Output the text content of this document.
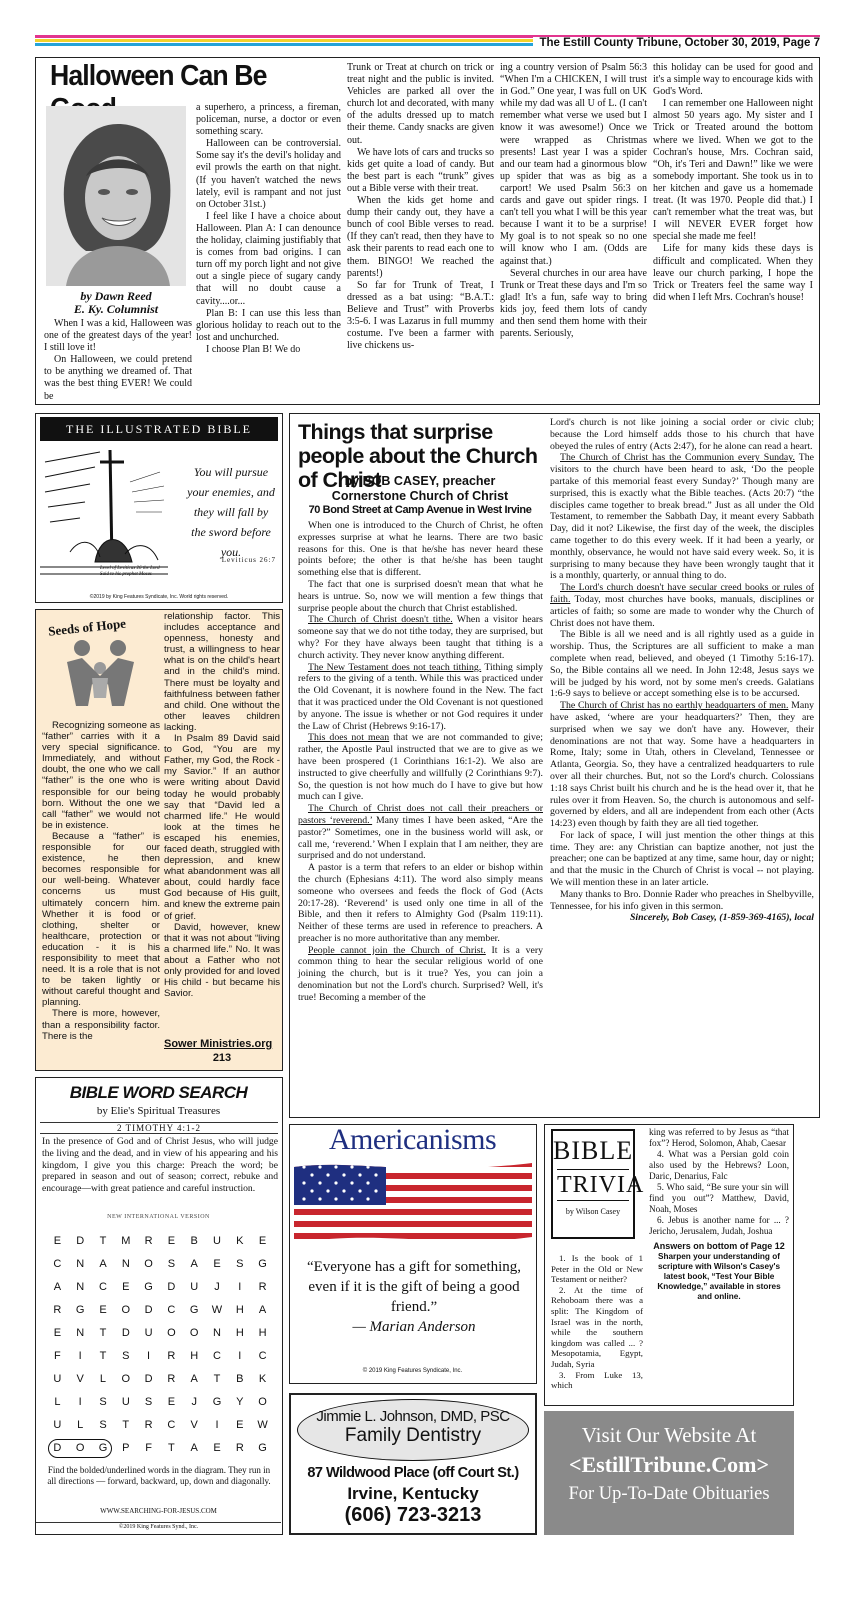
The Estill County Tribune, October 30, 2019, Page 7
Halloween Can Be
by Dawn Reed
E. Ky. Columnist

When I was a kid, Halloween was one of the greatest days of the year! I still love it!

On Halloween, we could pretend to be anything we dreamed of. That was the best thing EVER! We could be

a superhero, a princess, a fireman, policeman, nurse, a doctor or even something scary.

Halloween can be controversial. Some say it's the devil's holiday and evil prowls the earth on that night. (If you haven't watched the news lately, evil is rampant and not just on October 31st.)

I feel like I have a choice about Halloween. Plan A: I can denounce the holiday, claiming justifiably that is comes from bad origins. I can turn off my porch light and not give out a single piece of sugary candy that will no doubt cause a cavity....or...

Plan B: I can use this less than glorious holiday to reach out to the lost and unchurched.

I choose Plan B! We do

Trunk or Treat at church on trick or treat night and the public is invited. Vehicles are parked all over the church lot and decorated, with many of the adults dressed up to match their theme. Candy snacks are given out.

We have lots of cars and trucks so kids get quite a load of candy. But the best part is each “trunk” gives out a Bible verse with their treat.

When the kids get home and dump their candy out, they have a bunch of cool Bible verses to read. (If they can't read, then they have to ask their parents to read each one to them. BINGO! We reached the parents!)

So far for Trunk of Treat, I dressed as a bat using: “B.A.T.: Believe and Trust” with Proverbs 3:5-6. I was Lazarus in full mummy costume. I've been a farmer with live chickens us-

ing a country version of Psalm 56:3 “When I'm a CHICKEN, I will trust in God.” One year, I was full on UK while my dad was all U of L. (I can't remember what verse we used but I know it was awesome!) Once we were wrapped as Christmas presents! Last year I was a spider and our team had a ginormous blow up spider that was as big as a carport! We used Psalm 56:3 on cards and gave out spider rings. I can't tell you what I will be this year because I want it to be a surprise! My goal is to not speak so no one will know who I am. (Odds are against that.)

Several churches in our area have Trunk or Treat these days and I'm so glad! It's a fun, safe way to bring kids joy, feed them lots of candy and then send them home with their parents. Seriously,

this holiday can be used for good and it's a simple way to encourage kids with God's Word.

I can remember one Halloween night almost 50 years ago. My sister and I Trick or Treated around the bottom where we lived. When we got to the Cochran's house, Mrs. Cochran said, “Oh, it's Teri and Dawn!” like we were somebody important. She took us in to her kitchen and gave us a homemade treat. (It was 1970. People did that.) I can't remember what the treat was, but I will NEVER EVER forget how special she made me feel!

Life for many kids these days is difficult and complicated. When they leave our church parking, I hope the Trick or Treaters feel the same way I did when I left Mrs. Cochran's house!

THE ILLUSTRATED BIBLE
Level of Leviticus 26 the Lord Said to his prophet Moses
You will pursue your enemies, and they will fall by the sword before you.
Leviticus 26:7
©2019 by King Features Syndicate, Inc. World rights reserved.
Seeds of Hope

Recognizing someone as “father” carries with it a very special significance. Immediately, and without doubt, the one who we call “father” is the one who is responsible for our being born. Without the one we call “father” we would not be in existence.

Because a “father” is responsible for our existence, he then becomes responsible for our well-being. Whatever concerns us must ultimately concern him. Whether it is food or clothing, shelter or healthcare, protection or education - it is his responsibility to meet that need. It is a role that is not to be taken lightly or without careful thought and planning.

There is more, however, than a responsibility factor. There is the

relationship factor. This includes acceptance and openness, honesty and trust, a willingness to hear what is on the child's heart and in the child's mind. There must be loyalty and faithfulness between father and child. One without the other leaves children lacking.

In Psalm 89 David said to God, “You are my Father, my God, the Rock - my Savior.” If an author were writing about David today he would probably say that “David led a charmed life.” He would look at the times he escaped his enemies, faced death, struggled with depression, and knew what abandonment was all about, could hardly face God because of His guilt, and knew the extreme pain of grief.

David, however, knew that it was not about “living a charmed life.” No. It was about a Father who not only provided for and loved His child - but became his Savior.

Sower Ministries.org
213
Things that surprise people about the Church of Christ
by BOB CASEY, preacher
Cornerstone Church of Christ
70 Bond Street at Camp Avenue in West Irvine

When one is introduced to the Church of Christ, he often expresses surprise at what he learns. There are two basic reasons for this. One is that he/she has never heard these points before; the other is that he/she has been taught something else that is different.

The fact that one is surprised doesn't mean that what he hears is untrue. So, now we will mention a few things that surprise people about the church that Christ established.

The Church of Christ doesn't tithe. When a visitor hears someone say that we do not tithe today, they are surprised, but why? For they have always been taught that tithing is a church activity. They never know anything different.

The New Testament does not teach tithing. Tithing simply refers to the giving of a tenth. While this was practiced under the Old Covenant, it is nowhere found in the New. The fact that it was practiced under the Old Covenant is not questioned by anyone. The issue is whether or not God requires it under the Law of Christ (Hebrews 9:16-17).

This does not mean that we are not commanded to give; rather, the Apostle Paul instructed that we are to give as we have been prospered (1 Corinthians 16:1-2). We also are instructed to give cheerfully and willfully (2 Corinthians 9:7). So, the question is not how much do I have to give but how much can I give.

The Church of Christ does not call their preachers or pastors ‘reverend.’ Many times I have been asked, “Are the pastor?” Sometimes, one in the business world will ask, or call me, ‘reverend.’ When I explain that I am neither, they are surprised and do not understand.

A pastor is a term that refers to an elder or bishop within the church (Ephesians 4:11). The word also simply means someone who oversees and feeds the flock of God (Acts 20:17-28). ‘Reverend’ is used only one time in all of the Bible, and then it refers to Almighty God (Psalm 119:11). Neither of these terms are used in reference to preachers. A preacher is no more authoritative than any member.

People cannot join the Church of Christ. It is a very common thing to hear the secular religious world of one joining the church, but is it true? Yes, you can join a denomination but not the Lord's church. Surprised? Well, it's true! Becoming a member of the

Lord's church is not like joining a social order or civic club; because the Lord himself adds those to his church that have obeyed the rules of entry (Acts 2:47), for he alone can read a heart.

The Church of Christ has the Communion every Sunday. The visitors to the church have been heard to ask, ‘Do the people partake of this memorial feast every Sunday?’ Though many are surprised, this is exactly what the Bible teaches. (Acts 20:7) “the disciples came together to break bread.” Just as all under the Old Testament, to remember the Sabbath Day, it meant every Sabbath Day, did it not? Likewise, the first day of the week, the disciples came together to do this every week. If it had been a yearly, or monthly, observance, he would not have said every week. So, it is surprising to many because they have been wrongly taught that it is a monthly, quarterly, or annual thing to do.

The Lord's church doesn't have secular creed books or rules of faith. Today, most churches have books, manuals, disciplines or articles of faith; so some are made to wonder why the Church of Christ does not have them.

The Bible is all we need and is all rightly used as a guide in worship. Thus, the Scriptures are all sufficient to make a man complete when read, believed, and obeyed (1 Timothy 5:16-17). So, the Bible contains all we need. In John 12:48, Jesus says we will be judged by his word, not by some men's creeds. Galatians 1:6-9 says to believe or accept something else is to be accursed.

The Church of Christ has no earthly headquarters of men. Many have asked, ‘where are your headquarters?’ Then, they are surprised when we say we don't have any. However, their denominations are not that way. Some have a headquarters in Rome, Italy; some in Utah, others in Cleveland, Tennessee or Atlanta, Georgia. So, they have a centralized headquarters to rule over all their churches. But, not so the Lord's church. Colossians 1:18 says Christ built his church and he is the head over it, that he rules over it from Heaven. So, the church is autonomous and self-governed by elders, and all are independent from each other (Acts 14:23) even though by faith they are all tied together.

For lack of space, I will just mention the other things at this time. They are: any Christian can baptize another, not just the preacher; one can be baptized at any time, same hour, day or night; and that the music in the Church of Christ is vocal -- not playing. We will mention these in an later article.

Many thanks to Bro. Donnie Rader who preaches in Shelbyville, Tennessee, for his info given in this sermon.

Sincerely, Bob Casey, (1-859-369-4165), local

BIBLE WORD SEARCH
by Elie's Spiritual Treasures
2 TIMOTHY 4:1-2
In the presence of God and of Christ Jesus, who will judge the living and the dead, and in view of his appearing and his kingdom, I give you this charge: Preach the word; be prepared in season and out of season; correct, rebuke and encourage—with great patience and careful instruction.
NEW INTERNATIONAL VERSION
E	D	T	M	R	E	B	U	K	E
C	N	A	N	O	S	A	E	S	G
A	N	C	E	G	D	U	J	I	R
R	G	E	O	D	C	G	W	H	A
E	N	T	D	U	O	O	N	H	H
F	I	T	S	I	R	H	C	I	C
U	V	L	O	D	R	A	T	B	K
L	I	S	U	S	E	J	G	Y	O
U	L	S	T	R	C	V	I	E	W
D	O	G	P	F	T	A	E	R	G
Find the bolded/underlined words in the diagram. They run in all directions — forward, backward, up, down and diagonally.
WWW.SEARCHING-FOR-JESUS.COM
©2019 King Features Synd., Inc.
Americanisms
“Everyone has a gift for something, even if it is the gift of being a good friend.”
— Marian Anderson
© 2019 King Features Syndicate, Inc.
BIBLE
TRIVIA
by Wilson Casey

1. Is the book of 1 Peter in the Old or New Testament or neither?

2. At the time of Rehoboam there was a split: The Kingdom of Israel was in the north, while the southern kingdom was called ... ? Mesopotamia, Egypt, Judah, Syria

3. From Luke 13, which

king was referred to by Jesus as “that fox”? Herod, Solomon, Ahab, Caesar

4. What was a Persian gold coin also used by the Hebrews? Loon, Daric, Denarius, Falc

5. Who said, “Be sure your sin will find you out”? Matthew, David, Noah, Moses

6. Jebus is another name for ... ? Jericho, Jerusalem, Judah, Joshua

Answers on bottom of Page 12

Sharpen your understanding of scripture with Wilson's Casey's latest book, “Test Your Bible Knowledge,” available in stores and online.

Jimmie L. Johnson, DMD, PSC
Family Dentistry
87 Wildwood Place (off Court St.)
Irvine, Kentucky
(606) 723-3213
Visit Our Website At
<EstillTribune.Com>
For Up-To-Date Obituaries
